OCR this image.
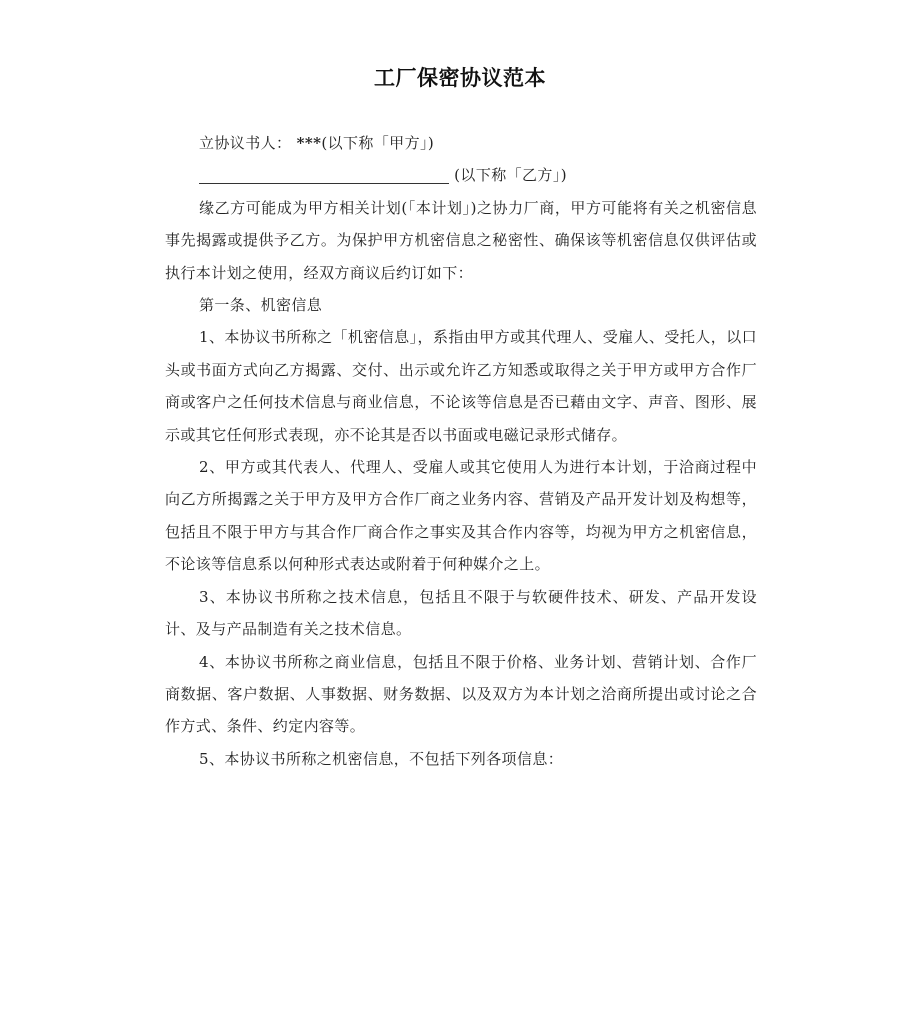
工厂保密协议范本

立协议书人： ***(以下称「甲方」)

(以下称「乙方」)

缘乙方可能成为甲方相关计划(「本计划」)之协力厂商，甲方可能将有关之机密信息事先揭露或提供予乙方。为保护甲方机密信息之秘密性、确保该等机密信息仅供评估或执行本计划之使用，经双方商议后约订如下：

第一条、机密信息

1、本协议书所称之「机密信息」，系指由甲方或其代理人、受雇人、受托人，以口头或书面方式向乙方揭露、交付、出示或允许乙方知悉或取得之关于甲方或甲方合作厂商或客户之任何技术信息与商业信息，不论该等信息是否已藉由文字、声音、图形、展示或其它任何形式表现，亦不论其是否以书面或电磁记录形式储存。

2、甲方或其代表人、代理人、受雇人或其它使用人为进行本计划，于洽商过程中向乙方所揭露之关于甲方及甲方合作厂商之业务内容、营销及产品开发计划及构想等，包括且不限于甲方与其合作厂商合作之事实及其合作内容等，均视为甲方之机密信息，不论该等信息系以何种形式表达或附着于何种媒介之上。

3、本协议书所称之技术信息，包括且不限于与软硬件技术、研发、产品开发设计、及与产品制造有关之技术信息。

4、本协议书所称之商业信息，包括且不限于价格、业务计划、营销计划、合作厂商数据、客户数据、人事数据、财务数据、以及双方为本计划之洽商所提出或讨论之合作方式、条件、约定内容等。

5、本协议书所称之机密信息，不包括下列各项信息：
